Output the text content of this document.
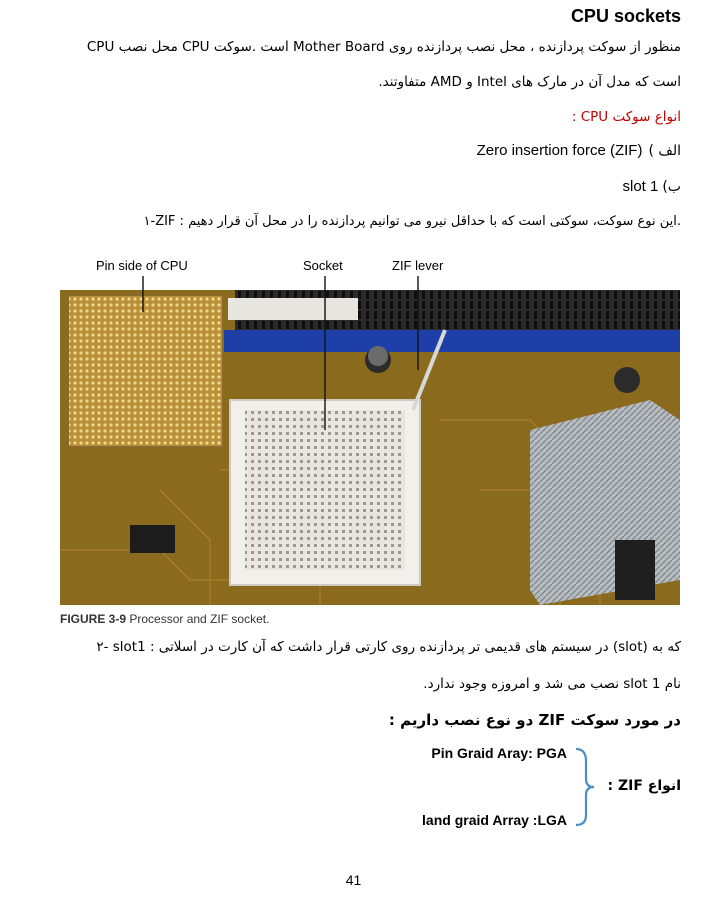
CPU sockets
منظور از سوکت پردازنده ، محل نصب پردازنده روی Mother Board است .سوکت CPU محل نصب CPU
است که مدل آن در مارک های Intel و AMD متفاوتند.
انواع سوکت CPU :
الف )
Zero insertion force (ZIF)
ب)
slot 1
۱-ZIF : این نوع سوکت، سوکتی است که با حداقل نیرو می توانیم پردازنده را در محل آن قرار دهیم.
Pin side of CPU	Socket	ZIF lever
FIGURE 3-9 Processor and ZIF socket.
۲- slot1 : در سیستم های قدیمی تر پردازنده روی کارتی قرار داشت که آن کارت در اسلاتی (slot) که به
نام slot 1 نصب می شد و امروزه وجود ندارد.
در مورد سوکت ZIF دو نوع نصب داریم :
Pin Graid Aray: PGA
land graid Array :LGA
انواع ZIF :
41
